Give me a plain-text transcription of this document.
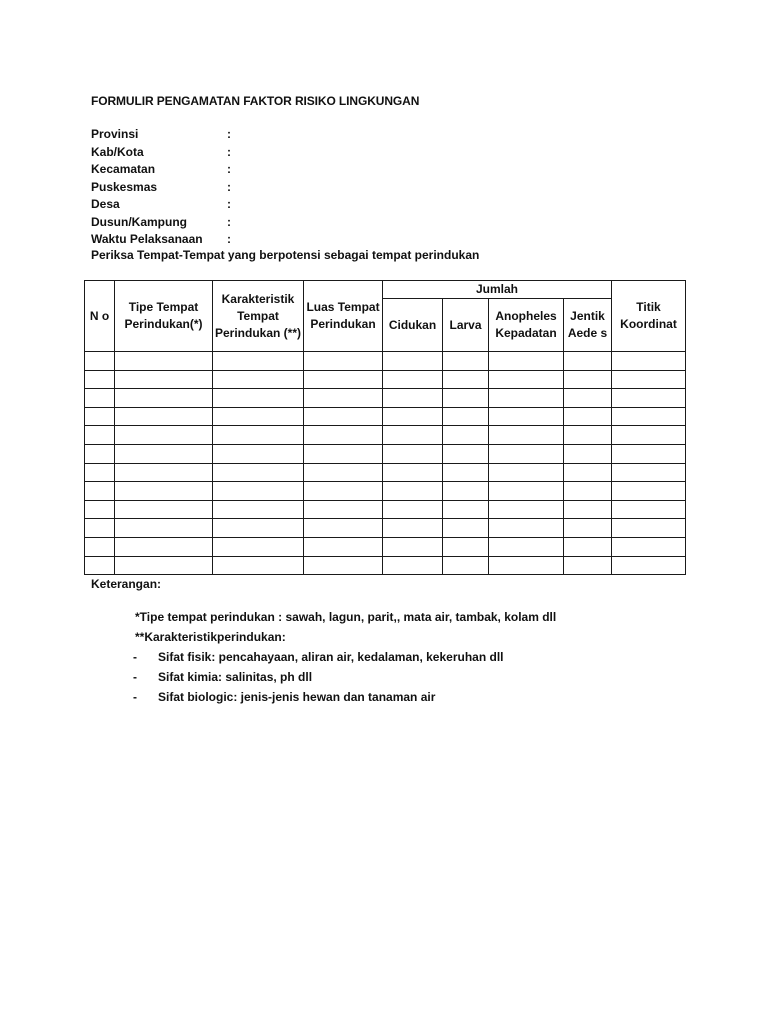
FORMULIR PENGAMATAN FAKTOR RISIKO LINGKUNGAN
Provinsi	:
Kab/Kota	:
Kecamatan	:
Puskesmas	:
Desa	:
Dusun/Kampung	:
Waktu Pelaksanaan :
Periksa Tempat-Tempat yang berpotensi sebagai tempat perindukan
N o	Tipe Tempat Perindukan(*)	Karakteristik Tempat Perindukan (**)	Luas Tempat Perindukan	Jumlah				Titik Koordinat
				Cidukan	Larva	Anopheles Kepadatan	Jentik Aede s	

Keterangan:
*Tipe tempat perindukan : sawah, lagun, parit,, mata air, tambak, kolam dll
**Karakteristikperindukan:
- Sifat fisik: pencahayaan, aliran air, kedalaman, kekeruhan dll
- Sifat kimia: salinitas, ph dll
- Sifat biologic: jenis-jenis hewan dan tanaman air
